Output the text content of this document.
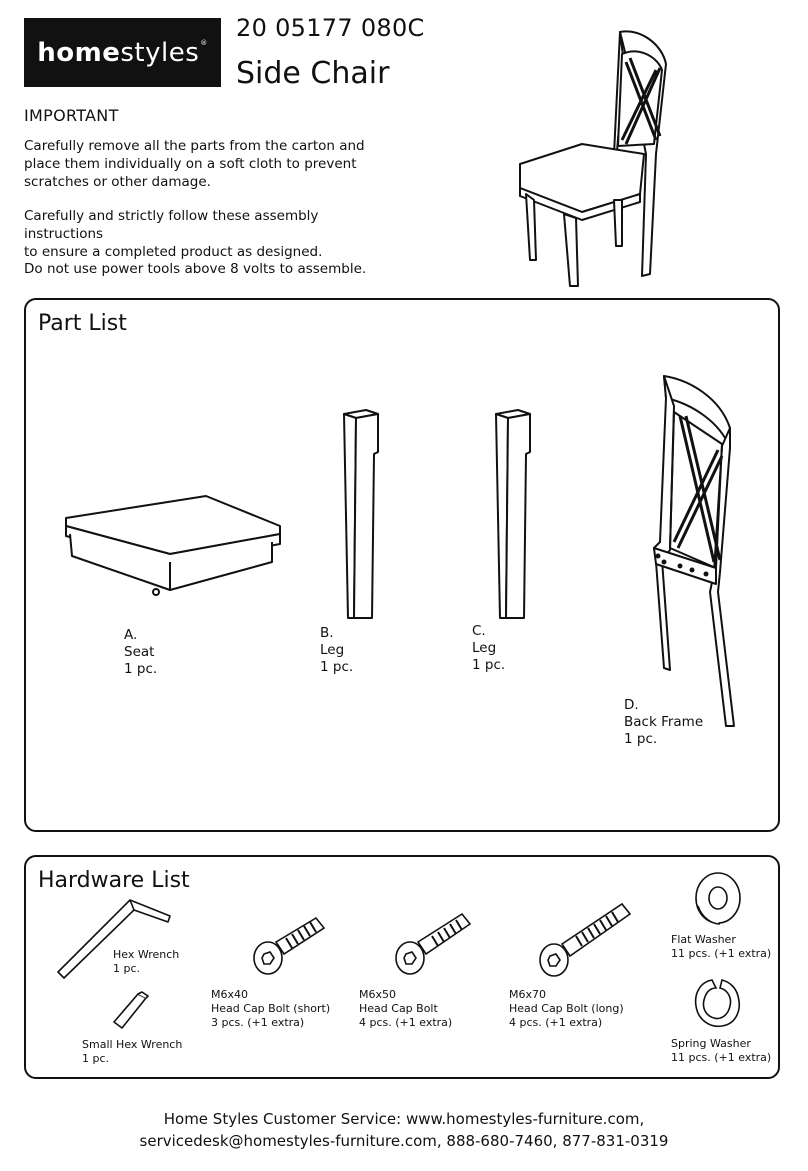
home styles®
20 05177 080C
Side Chair
IMPORTANT
Carefully remove all the parts from the carton and
place them individually on a soft cloth to prevent
scratches or other damage.
Carefully and strictly follow these assembly instructions
to ensure a completed product as designed.
Do not use power tools above 8 volts to assemble.
Part List
A.
Seat
1 pc.
B.
Leg
1 pc.
C.
Leg
1 pc.
D.
Back Frame
1 pc.
Hardware List
Hex Wrench
1 pc.
Small Hex Wrench
1 pc.
M6x40
Head Cap Bolt (short)
3 pcs. (+1 extra)
M6x50
Head Cap Bolt
4 pcs. (+1 extra)
M6x70
Head Cap Bolt (long)
4 pcs. (+1 extra)
Flat Washer
11 pcs. (+1 extra)
Spring Washer
11 pcs. (+1 extra)
Home Styles Customer Service: www.homestyles-furniture.com,
servicedesk@homestyles-furniture.com, 888-680-7460, 877-831-0319
